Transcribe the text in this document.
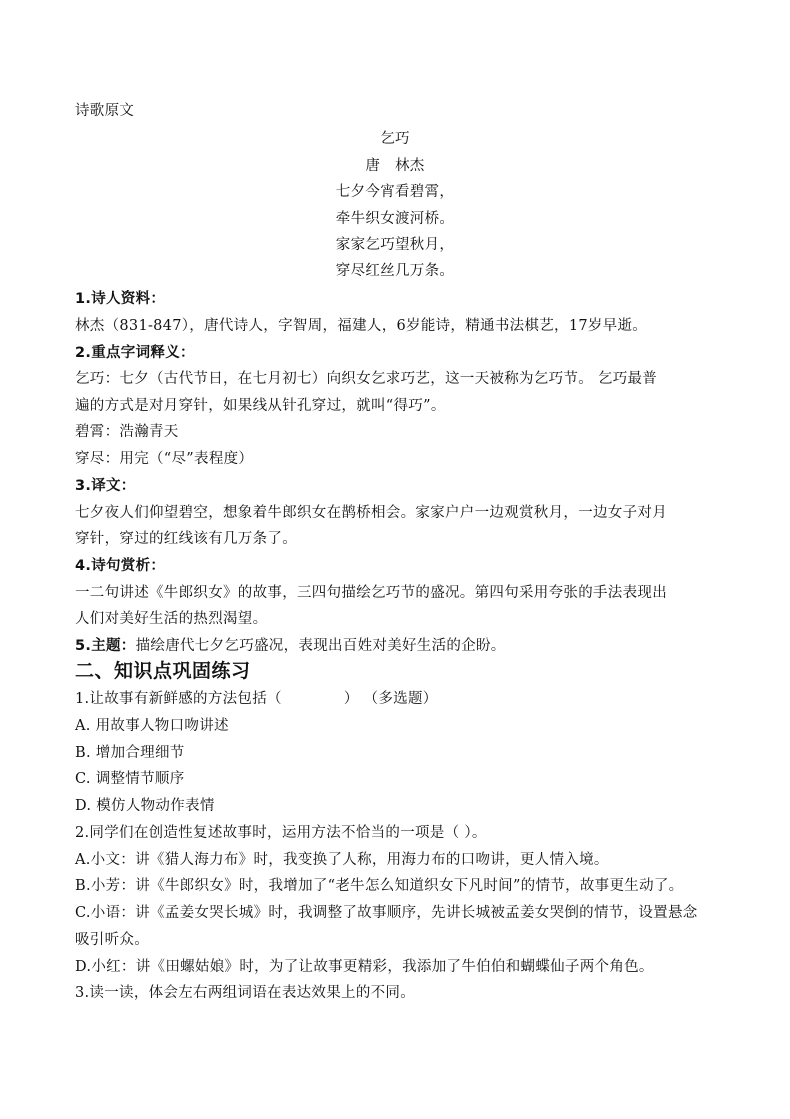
诗歌原文
乞巧
唐　林杰
七夕今宵看碧霄，
牵牛织女渡河桥。
家家乞巧望秋月，
穿尽红丝几万条。
1.诗人资料：
林杰（831-847），唐代诗人，字智周，福建人，6岁能诗，精通书法棋艺，17岁早逝。
2.重点字词释义：
乞巧：七夕（古代节日，在七月初七）向织女乞求巧艺，这一天被称为乞巧节。 乞巧最普
遍的方式是对月穿针，如果线从针孔穿过，就叫“得巧”。
碧霄：浩瀚青天
穿尽：用完（“尽”表程度）
3.译文：
七夕夜人们仰望碧空，想象着牛郎织女在鹊桥相会。家家户户一边观赏秋月，一边女子对月
穿针，穿过的红线该有几万条了。
4.诗句赏析：
一二句讲述《牛郎织女》的故事，三四句描绘乞巧节的盛况。第四句采用夸张的手法表现出
人们对美好生活的热烈渴望。
5.主题：描绘唐代七夕乞巧盛况，表现出百姓对美好生活的企盼。
二、知识点巩固练习
1.让故事有新鲜感的方法包括（	） （多选题）
A. 用故事人物口吻讲述
B. 增加合理细节
C. 调整情节顺序
D. 模仿人物动作表情
2.同学们在创造性复述故事时，运用方法不恰当的一项是（ ）。
A.小文：讲《猎人海力布》时，我变换了人称，用海力布的口吻讲，更人情入境。
B.小芳：讲《牛郎织女》时，我增加了“老牛怎么知道织女下凡时间”的情节，故事更生动了。
C.小语：讲《孟姜女哭长城》时，我调整了故事顺序，先讲长城被孟姜女哭倒的情节，设置悬念
吸引听众。
D.小红：讲《田螺姑娘》时，为了让故事更精彩，我添加了牛伯伯和蝴蝶仙子两个角色。
3.读一读，体会左右两组词语在表达效果上的不同。
